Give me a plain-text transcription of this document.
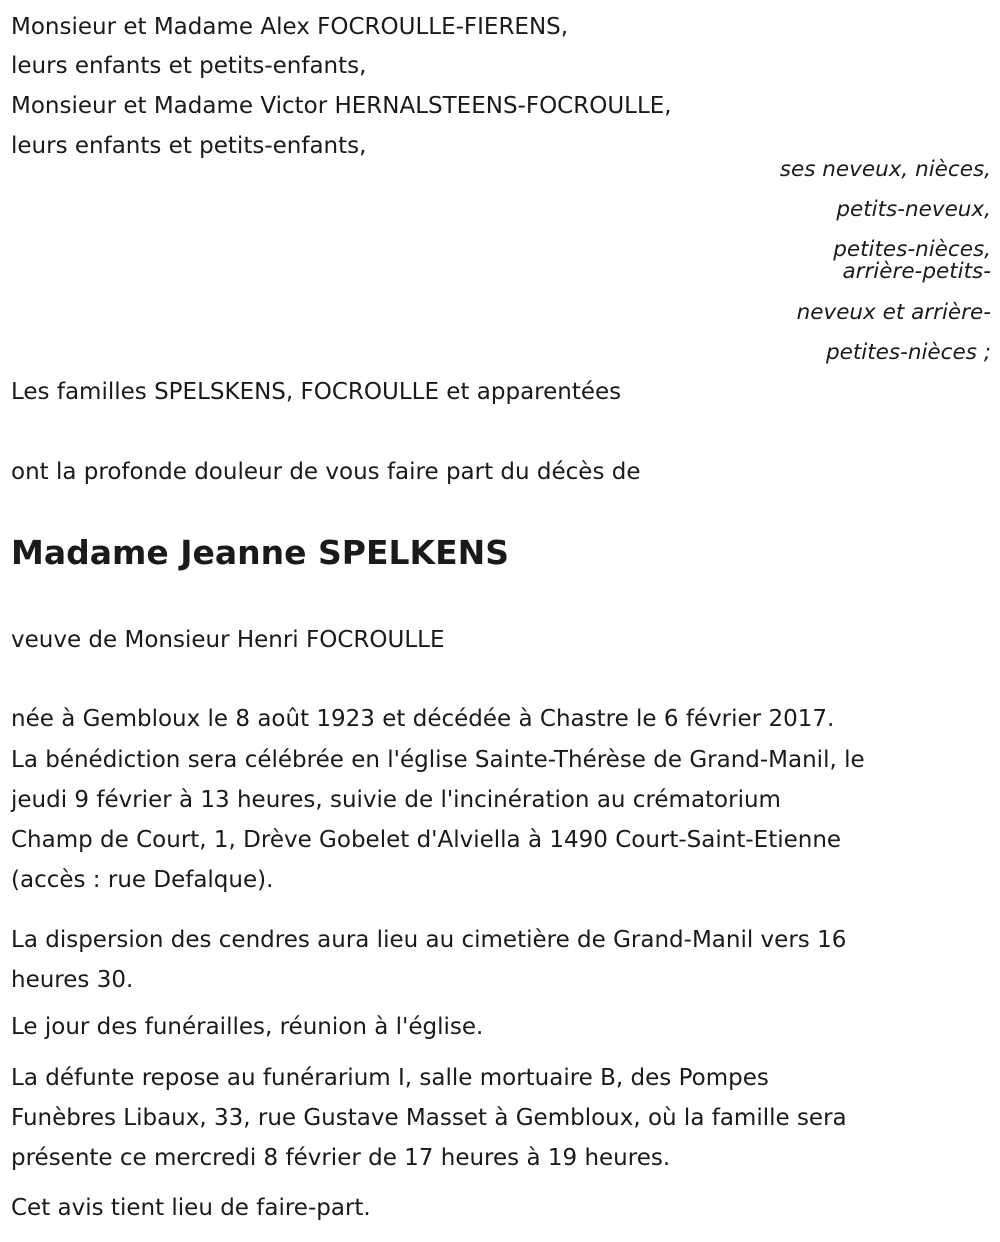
Monsieur et Madame Alex FOCROULLE-FIERENS,
leurs enfants et petits-enfants,
Monsieur et Madame Victor HERNALSTEENS-FOCROULLE,
leurs enfants et petits-enfants,
ses neveux, nièces,
petits-neveux,
petites-nièces,
arrière-petits-
neveux et arrière-
petites-nièces ;
Les familles SPELSKENS, FOCROULLE et apparentées
ont la profonde douleur de vous faire part du décès de
Madame Jeanne SPELKENS
veuve de Monsieur Henri FOCROULLE
née à Gembloux le 8 août 1923 et décédée à Chastre le 6 février 2017.
La bénédiction sera célébrée en l'église Sainte-Thérèse de Grand-Manil, le
jeudi 9 février à 13 heures, suivie de l'incinération au crématorium
Champ de Court, 1, Drève Gobelet d'Alviella à 1490 Court-Saint-Etienne
(accès : rue Defalque).
La dispersion des cendres aura lieu au cimetière de Grand-Manil vers 16
heures 30.
Le jour des funérailles, réunion à l'église.
La défunte repose au funérarium I, salle mortuaire B, des Pompes
Funèbres Libaux, 33, rue Gustave Masset à Gembloux, où la famille sera
présente ce mercredi 8 février de 17 heures à 19 heures.
Cet avis tient lieu de faire-part.
